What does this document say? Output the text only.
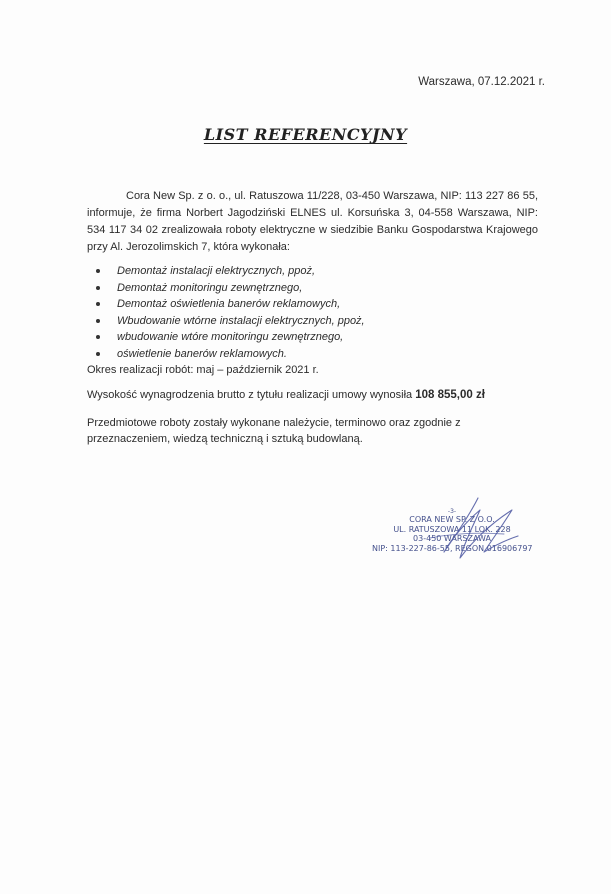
Warszawa, 07.12.2021 r.
LIST REFERENCYJNY

Cora New Sp. z o. o., ul. Ratuszowa 11/228, 03-450 Warszawa, NIP: 113 227 86 55, informuje, że firma Norbert Jagodziński ELNES ul. Korsuńska 3, 04-558 Warszawa, NIP: 534 117 34 02 zrealizowała roboty elektryczne w siedzibie Banku Gospodarstwa Krajowego przy Al. Jerozolimskich 7, która wykonała:

Demontaż instalacji elektrycznych, ppoż,
Demontaż monitoringu zewnętrznego,
Demontaż oświetlenia banerów reklamowych,
Wbudowanie wtórne instalacji elektrycznych, ppoż,
wbudowanie wtóre monitoringu zewnętrznego,
oświetlenie banerów reklamowych.
Okres realizacji robót: maj – październik 2021 r.
Wysokość wynagrodzenia brutto z tytułu realizacji umowy wynosiła 108 855,00 zł

Przedmiotowe roboty zostały wykonane należycie, terminowo oraz zgodnie z przeznaczeniem, wiedzą techniczną i sztuką budowlaną.

-3-
CORA NEW SP. Z O.O.
UL. RATUSZOWA 11 LOK. 228
03-450 WARSZAWA
NIP: 113-227-86-55, REGON 016906797
